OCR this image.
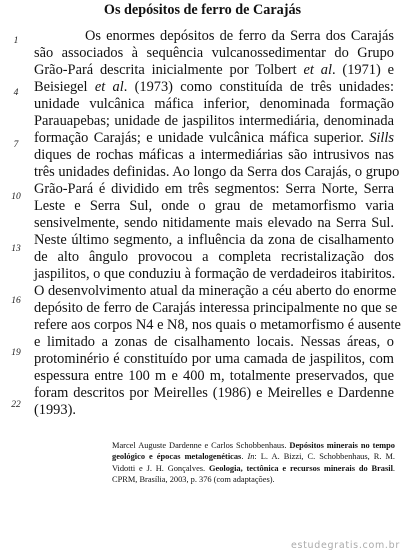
Os depósitos de ferro de Carajás
1
4
7
10
13
16
19
22
Os enormes depósitos de ferro da Serra dos Carajás
são associados à sequência vulcanossedimentar do Grupo
Grão-Pará descrita inicialmente por Tolbert et al. (1971) e
Beisiegel et al. (1973) como constituída de três unidades:
unidade vulcânica máfica inferior, denominada formação
Parauapebas; unidade de jaspilitos intermediária, denominada
formação Carajás; e unidade vulcânica máfica superior. Sills
diques de rochas máficas a intermediárias são intrusivos nas
três unidades definidas. Ao longo da Serra dos Carajás, o grupo
Grão-Pará é dividido em três segmentos: Serra Norte, Serra
Leste e Serra Sul, onde o grau de metamorfismo varia
sensivelmente, sendo nitidamente mais elevado na Serra Sul.
Neste último segmento, a influência da zona de cisalhamento
de alto ângulo provocou a completa recristalização dos
jaspilitos, o que conduziu à formação de verdadeiros itabiritos.
O desenvolvimento atual da mineração a céu aberto do enorme
depósito de ferro de Carajás interessa principalmente no que se
refere aos corpos N4 e N8, nos quais o metamorfismo é ausente
e limitado a zonas de cisalhamento locais. Nessas áreas, o
protominério é constituído por uma camada de jaspilitos, com
espessura entre 100 m e 400 m, totalmente preservados, que
foram descritos por Meirelles (1986) e Meirelles e Dardenne
(1993).
Marcel Auguste Dardenne e Carlos Schobbenhaus. Depósitos minerais no tempo geológico e épocas metalogenéticas. In: L. A. Bizzi, C. Schobbenhaus, R. M. Vidotti e J. H. Gonçalves. Geologia, tectônica e recursos minerais do Brasil. CPRM, Brasília, 2003, p. 376 (com adaptações).
estudegratis.com.br
